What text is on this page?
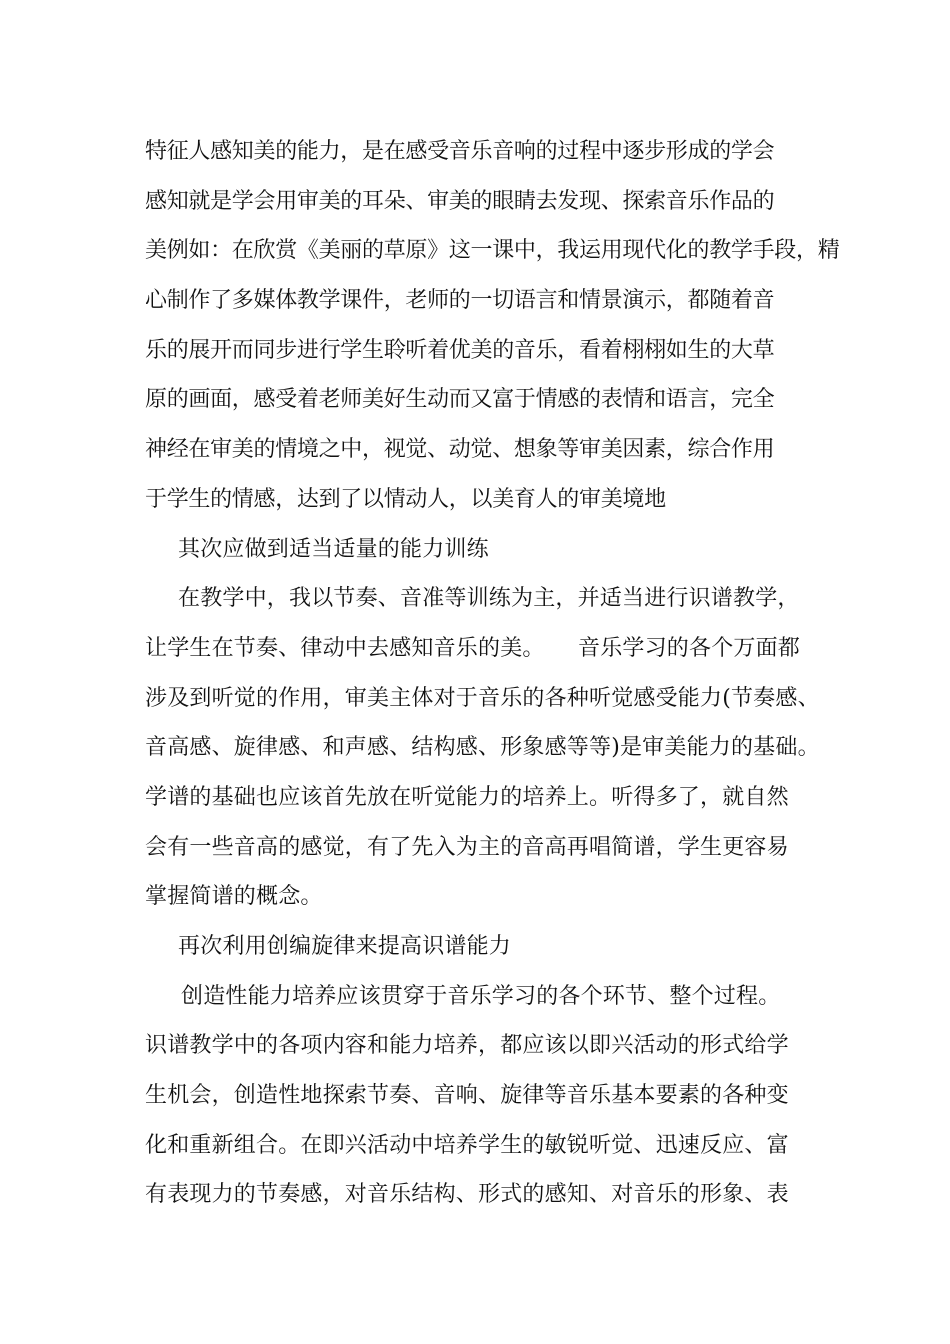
特征人感知美的能力，是在感受音乐音响的过程中逐步形成的学会
感知就是学会用审美的耳朵、审美的眼睛去发现、探索音乐作品的
美例如：在欣赏《美丽的草原》这一课中，我运用现代化的教学手段，精
心制作了多媒体教学课件，老师的一切语言和情景演示，都随着音
乐的展开而同步进行学生聆听着优美的音乐，看着栩栩如生的大草
原的画面，感受着老师美好生动而又富于情感的表情和语言，完全
神经在审美的情境之中，视觉、动觉、想象等审美因素，综合作用
于学生的情感，达到了以情动人，以美育人的审美境地
其次应做到适当适量的能力训练
在教学中，我以节奏、音准等训练为主，并适当进行识谱教学，
让学生在节奏、律动中去感知音乐的美。　　音乐学习的各个万面都
涉及到听觉的作用，审美主体对于音乐的各种听觉感受能力(节奏感、
音高感、旋律感、和声感、结构感、形象感等等)是审美能力的基础。
学谱的基础也应该首先放在听觉能力的培养上。听得多了，就自然
会有一些音高的感觉，有了先入为主的音高再唱简谱，学生更容易
掌握简谱的概念。
再次利用创编旋律来提高识谱能力
创造性能力培养应该贯穿于音乐学习的各个环节、整个过程。
识谱教学中的各项内容和能力培养，都应该以即兴活动的形式给学
生机会，创造性地探索节奏、音响、旋律等音乐基本要素的各种变
化和重新组合。在即兴活动中培养学生的敏锐听觉、迅速反应、富
有表现力的节奏感，对音乐结构、形式的感知、对音乐的形象、表
